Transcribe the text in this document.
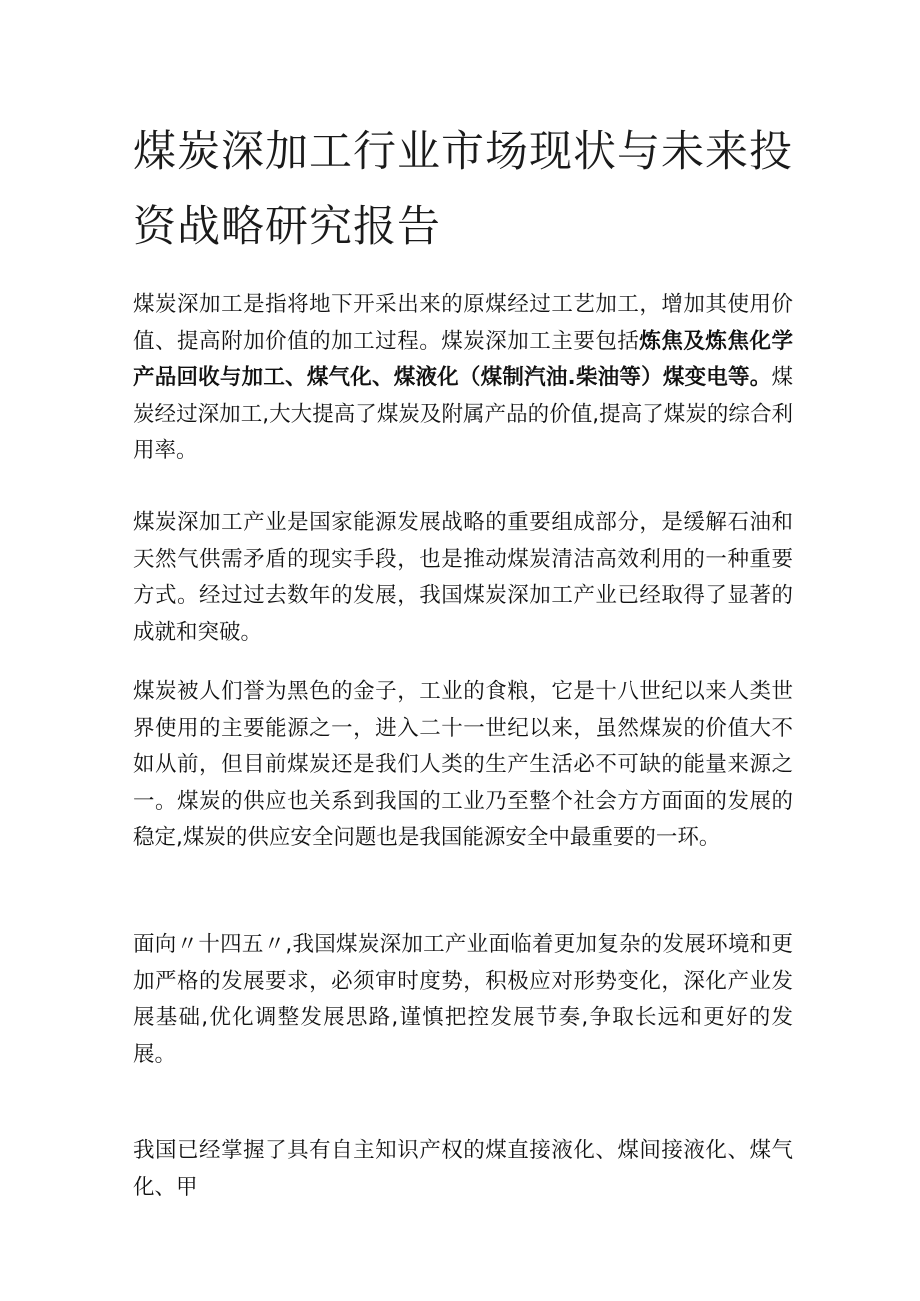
煤炭深加工行业市场现状与未来投资战略研究报告

煤炭深加工是指将地下开采出来的原煤经过工艺加工，增加其使用价值、提高附加价值的加工过程。煤炭深加工主要包括炼焦及炼焦化学产品回收与加工、煤气化、煤液化（煤制汽油.柴油等）煤变电等。煤炭经过深加工,大大提高了煤炭及附属产品的价值,提高了煤炭的综合利用率。

煤炭深加工产业是国家能源发展战略的重要组成部分，是缓解石油和天然气供需矛盾的现实手段，也是推动煤炭清洁高效利用的一种重要方式。经过过去数年的发展，我国煤炭深加工产业已经取得了显著的成就和突破。

煤炭被人们誉为黑色的金子，工业的食粮，它是十八世纪以来人类世界使用的主要能源之一，进入二十一世纪以来，虽然煤炭的价值大不如从前，但目前煤炭还是我们人类的生产生活必不可缺的能量来源之一。煤炭的供应也关系到我国的工业乃至整个社会方方面面的发展的稳定,煤炭的供应安全问题也是我国能源安全中最重要的一环。

面向〃十四五〃,我国煤炭深加工产业面临着更加复杂的发展环境和更加严格的发展要求，必须审时度势，积极应对形势变化，深化产业发展基础,优化调整发展思路,谨慎把控发展节奏,争取长远和更好的发展。

我国已经掌握了具有自主知识产权的煤直接液化、煤间接液化、煤气化、甲
